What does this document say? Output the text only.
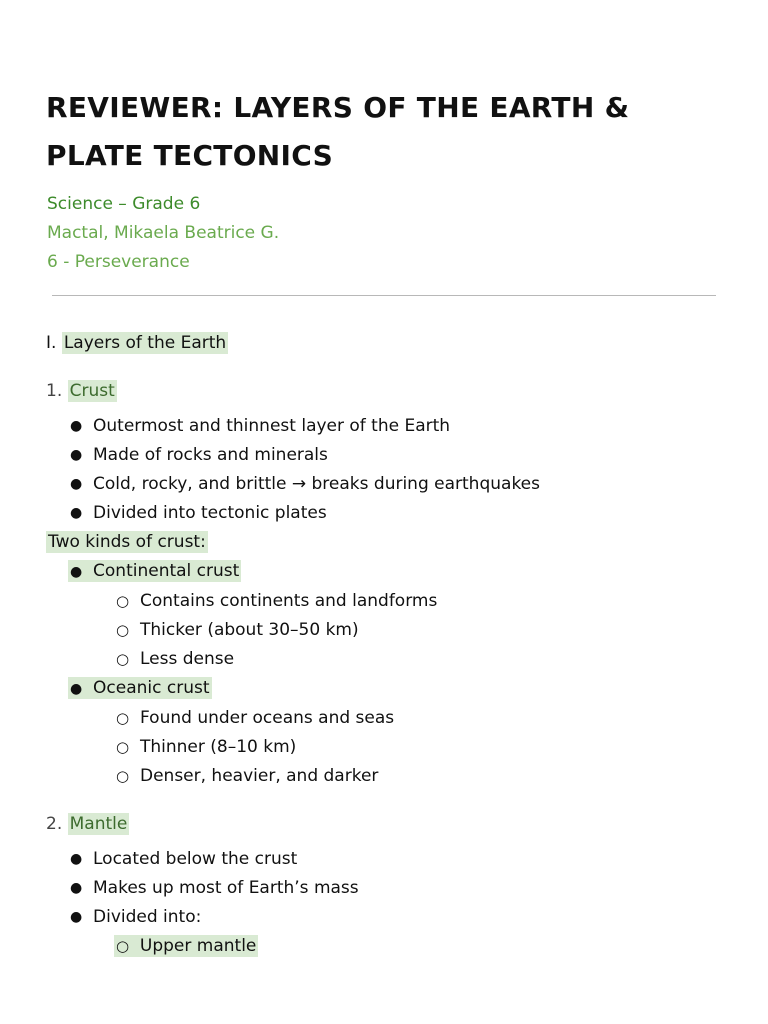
REVIEWER: LAYERS OF THE EARTH & PLATE TECTONICS
Science – Grade 6
Mactal, Mikaela Beatrice G.
6 - Perseverance
I. Layers of the Earth
1. Crust
● Outermost and thinnest layer of the Earth
● Made of rocks and minerals
● Cold, rocky, and brittle → breaks during earthquakes
● Divided into tectonic plates
Two kinds of crust:
● Continental crust
○ Contains continents and landforms
○ Thicker (about 30–50 km)
○ Less dense
● Oceanic crust
○ Found under oceans and seas
○ Thinner (8–10 km)
○ Denser, heavier, and darker
2. Mantle
● Located below the crust
● Makes up most of Earth’s mass
● Divided into:
○ Upper mantle
